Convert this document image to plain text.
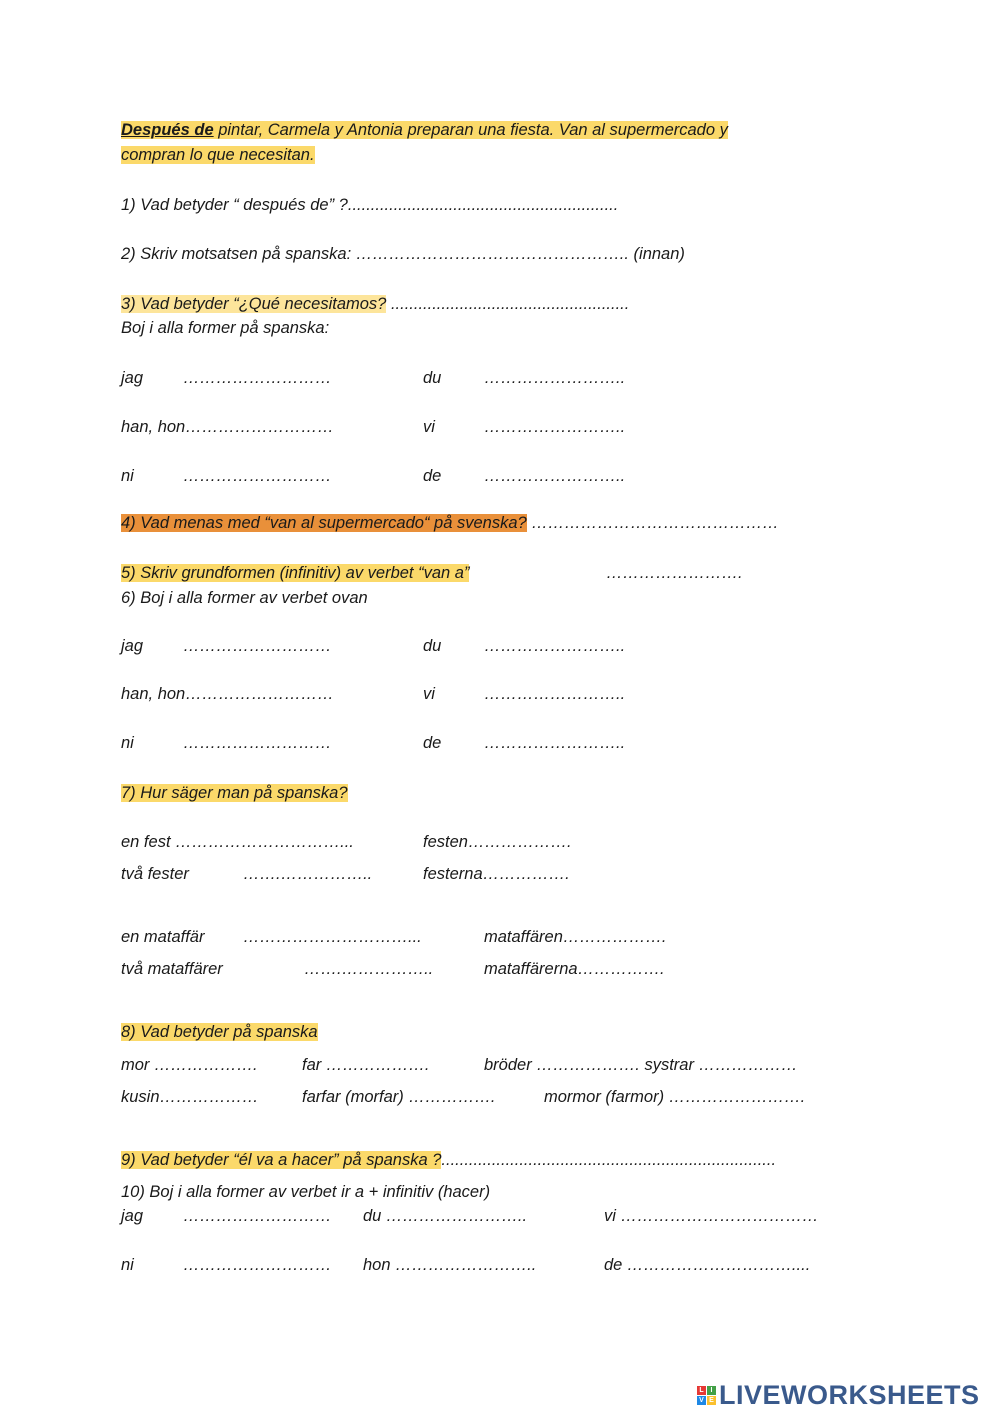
Después de pintar, Carmela y Antonia preparan una fiesta. Van al supermercado y
compran lo que necesitan.
1) Vad betyder “ después de” ?...........................................................
2) Skriv motsatsen på spanska: ………………………………………….. (innan)
3) Vad betyder “¿Qué necesitamos? ....................................................
Boj i alla former på spanska:
jag ………………………	du	……………………..
han, hon………………………	vi	……………………..
ni	………………………	de	……………………..
4) Vad menas med “van al supermercado“ på svenska? ………………………………………
5) Skriv grundformen (infinitiv) av verbet “van a”	…………………….
6) Boj i alla former av verbet ovan
jag ………………………	du	……………………..
han, hon………………………	vi	……………………..
ni	………………………	de	……………………..
7) Hur säger man på spanska?
en fest …………………………...	festen……………….
två fester	…….……………..	festerna…………….
en mataffär …………………………...	mataffären……………….
två mataffärer	…….……………..	mataffärerna…………….
8) Vad betyder på spanska
mor ……………….	far ……………….	bröder ………………. systrar ………………
kusin………………	farfar (morfar) …………….	mormor (farmor) …………………….
9) Vad betyder “él va a hacer” på spanska ?.........................................................................
10) Boj i alla former av verbet ir a + infinitiv (hacer)
jag ……………………… du ……………………..	vi ………………………………
ni	……………………… hon ……………………..	de …………………………....
L I
V E LIVEWORKSHEETS
